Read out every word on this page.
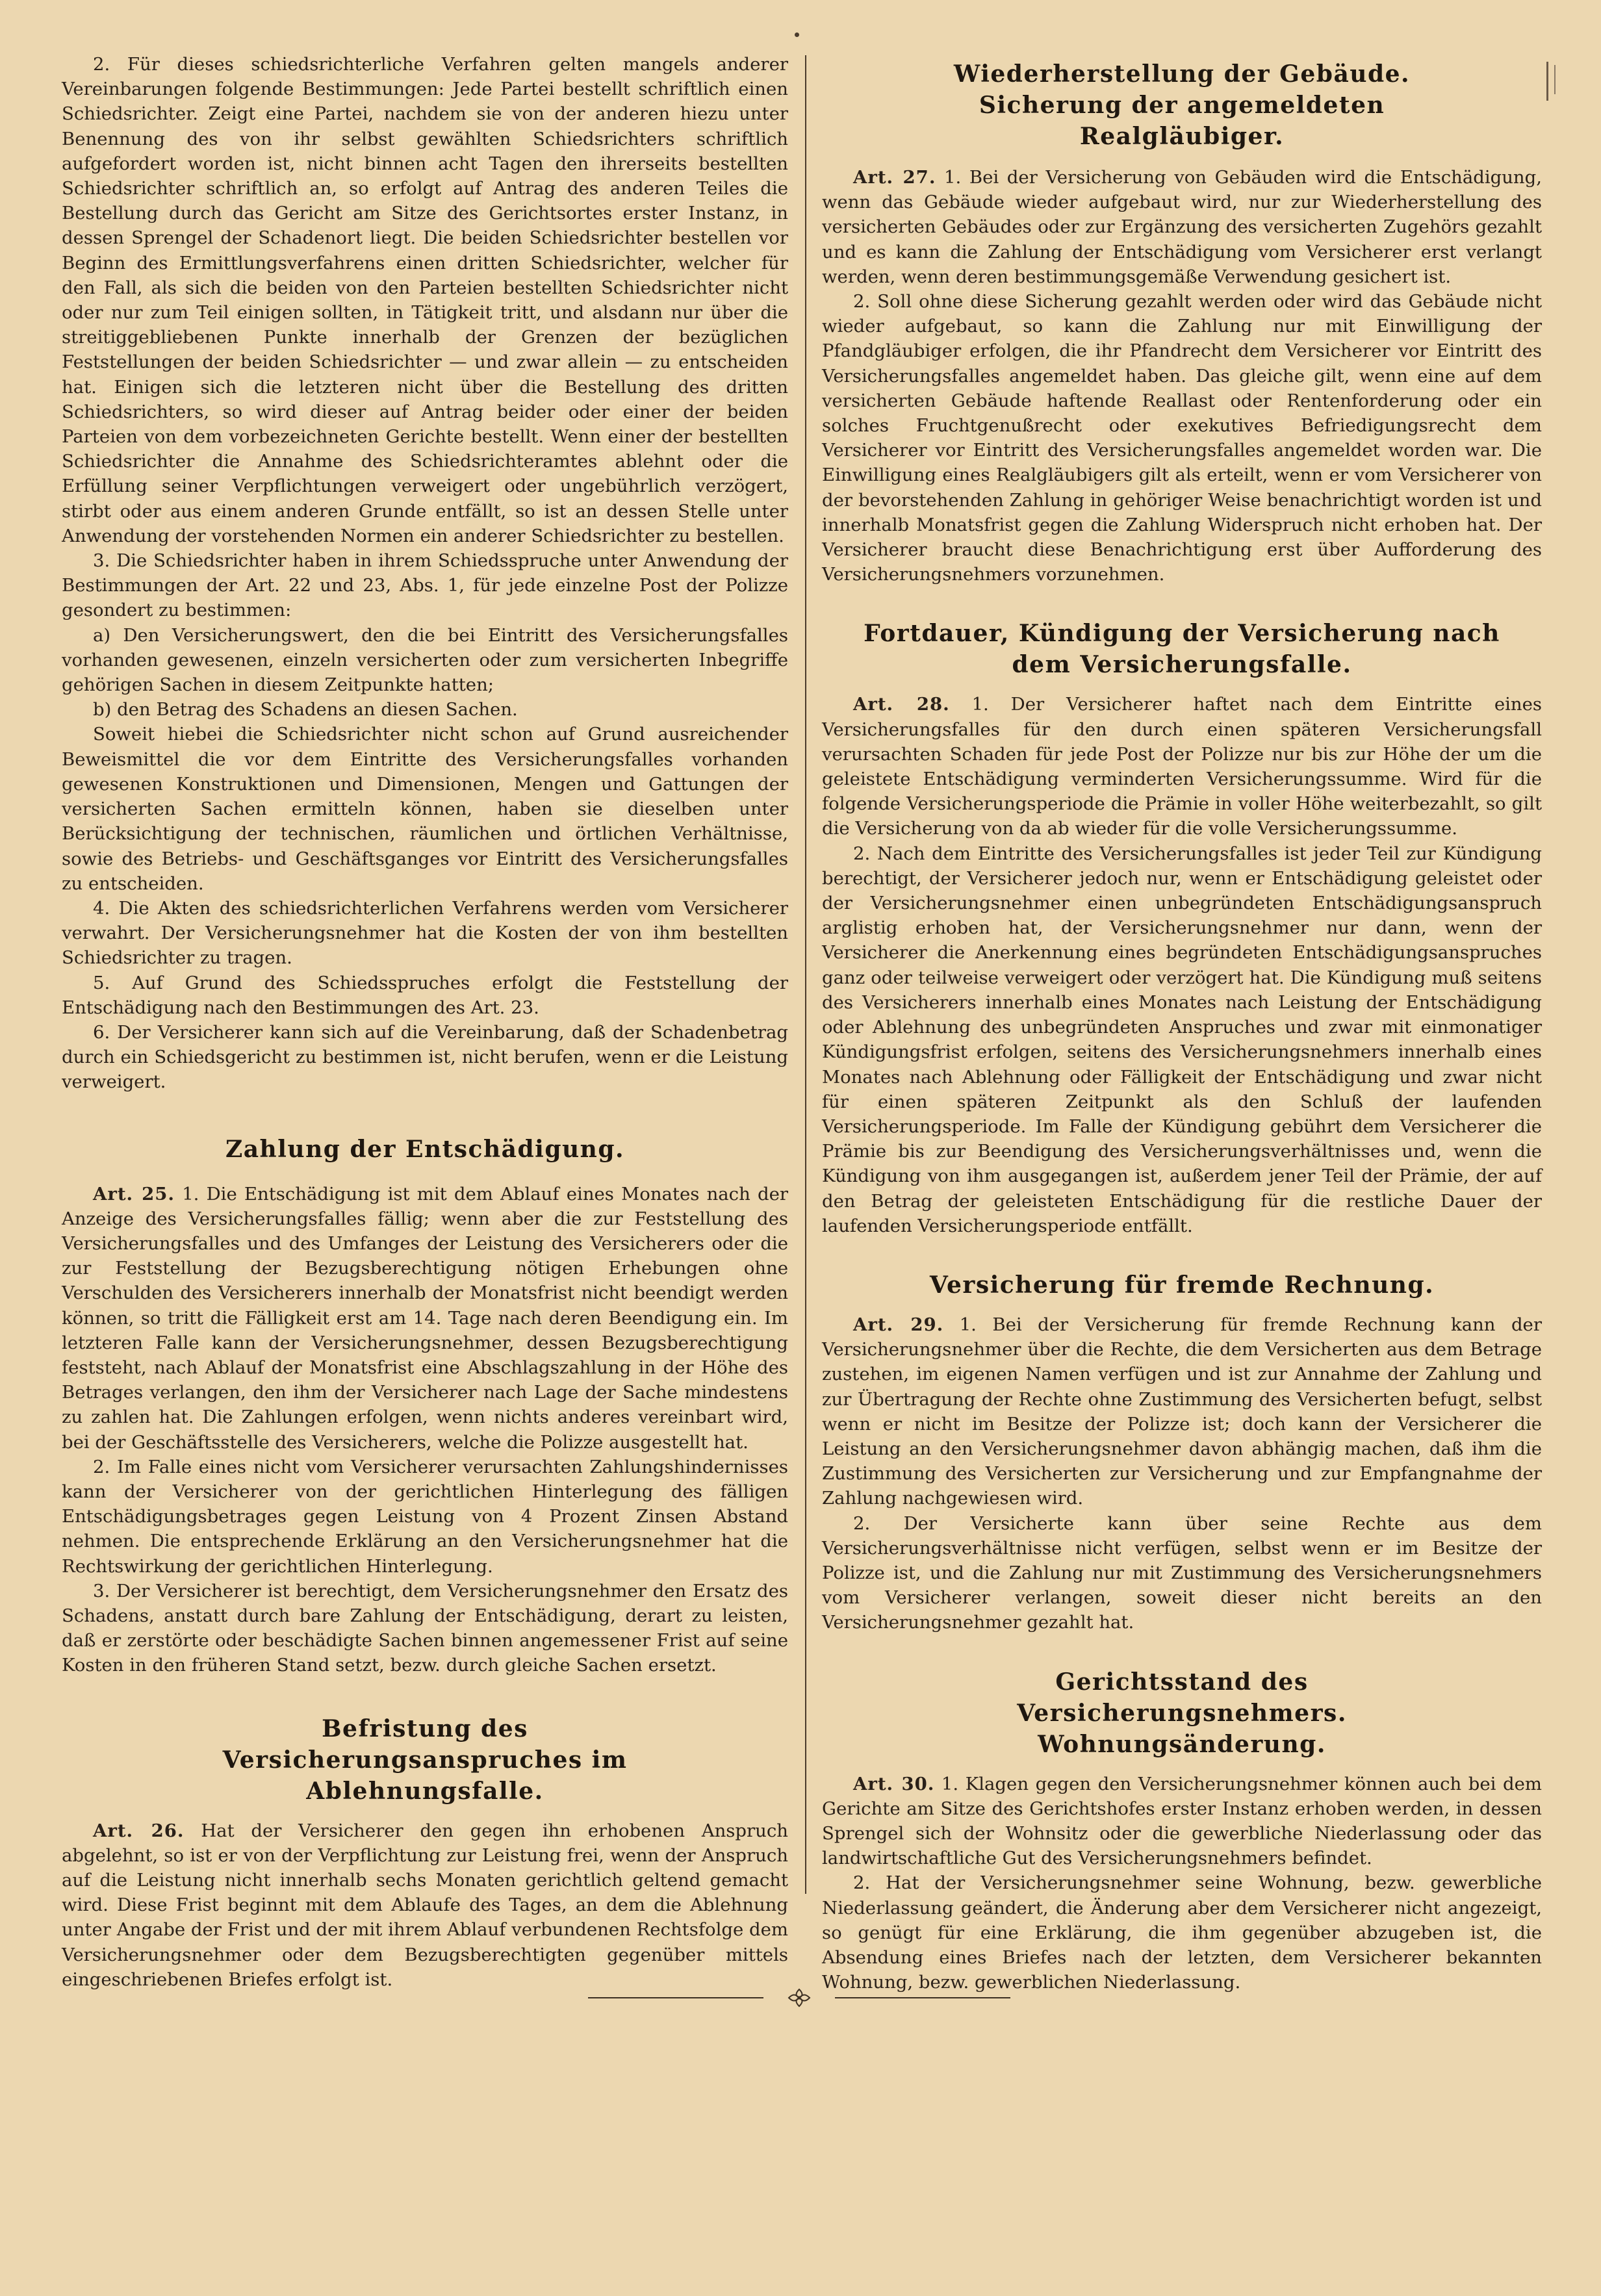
2. Für dieses schiedsrichterliche Verfahren gelten mangels anderer Vereinbarungen folgende Bestimmungen: Jede Partei bestellt schriftlich einen Schiedsrichter. Zeigt eine Partei, nachdem sie von der anderen hiezu unter Benennung des von ihr selbst gewählten Schiedsrichters schriftlich aufgefordert worden ist, nicht binnen acht Tagen den ihrerseits bestellten Schiedsrichter schriftlich an, so erfolgt auf Antrag des anderen Teiles die Bestellung durch das Gericht am Sitze des Gerichtsortes erster Instanz, in dessen Sprengel der Schadenort liegt. Die beiden Schiedsrichter bestellen vor Beginn des Ermittlungsverfahrens einen dritten Schiedsrichter, welcher für den Fall, als sich die beiden von den Parteien bestellten Schiedsrichter nicht oder nur zum Teil einigen sollten, in Tätigkeit tritt, und alsdann nur über die streitiggebliebenen Punkte innerhalb der Grenzen der bezüglichen Feststellungen der beiden Schiedsrichter — und zwar allein — zu entscheiden hat. Einigen sich die letzteren nicht über die Bestellung des dritten Schiedsrichters, so wird dieser auf Antrag beider oder einer der beiden Parteien von dem vorbezeichneten Gerichte bestellt. Wenn einer der bestellten Schiedsrichter die Annahme des Schiedsrichteramtes ablehnt oder die Erfüllung seiner Verpflichtungen verweigert oder ungebührlich verzögert, stirbt oder aus einem anderen Grunde entfällt, so ist an dessen Stelle unter Anwendung der vorstehenden Normen ein anderer Schiedsrichter zu bestellen.

3. Die Schiedsrichter haben in ihrem Schiedsspruche unter Anwendung der Bestimmungen der Art. 22 und 23, Abs. 1, für jede einzelne Post der Polizze gesondert zu bestimmen:

a) Den Versicherungswert, den die bei Eintritt des Versicherungsfalles vorhanden gewesenen, einzeln versicherten oder zum versicherten Inbegriffe gehörigen Sachen in diesem Zeitpunkte hatten;

b) den Betrag des Schadens an diesen Sachen.

Soweit hiebei die Schiedsrichter nicht schon auf Grund ausreichender Beweismittel die vor dem Eintritte des Versicherungsfalles vorhanden gewesenen Konstruktionen und Dimensionen, Mengen und Gattungen der versicherten Sachen ermitteln können, haben sie dieselben unter Berücksichtigung der technischen, räumlichen und örtlichen Verhältnisse, sowie des Betriebs- und Geschäftsganges vor Eintritt des Versicherungsfalles zu entscheiden.

4. Die Akten des schiedsrichterlichen Verfahrens werden vom Versicherer verwahrt. Der Versicherungsnehmer hat die Kosten der von ihm bestellten Schiedsrichter zu tragen.

5. Auf Grund des Schiedsspruches erfolgt die Feststellung der Entschädigung nach den Bestimmungen des Art. 23.

6. Der Versicherer kann sich auf die Vereinbarung, daß der Schadenbetrag durch ein Schiedsgericht zu bestimmen ist, nicht berufen, wenn er die Leistung verweigert.

Zahlung der Entschädigung.

Art. 25. 1. Die Entschädigung ist mit dem Ablauf eines Monates nach der Anzeige des Versicherungsfalles fällig; wenn aber die zur Feststellung des Versicherungsfalles und des Umfanges der Leistung des Versicherers oder die zur Feststellung der Bezugsberechtigung nötigen Erhebungen ohne Verschulden des Versicherers innerhalb der Monatsfrist nicht beendigt werden können, so tritt die Fälligkeit erst am 14. Tage nach deren Beendigung ein. Im letzteren Falle kann der Versicherungsnehmer, dessen Bezugsberechtigung feststeht, nach Ablauf der Monatsfrist eine Abschlagszahlung in der Höhe des Betrages verlangen, den ihm der Versicherer nach Lage der Sache mindestens zu zahlen hat. Die Zahlungen erfolgen, wenn nichts anderes vereinbart wird, bei der Geschäftsstelle des Versicherers, welche die Polizze ausgestellt hat.

2. Im Falle eines nicht vom Versicherer verursachten Zahlungshindernisses kann der Versicherer von der gerichtlichen Hinterlegung des fälligen Entschädigungsbetrages gegen Leistung von 4 Prozent Zinsen Abstand nehmen. Die entsprechende Erklärung an den Versicherungsnehmer hat die Rechtswirkung der gerichtlichen Hinterlegung.

3. Der Versicherer ist berechtigt, dem Versicherungsnehmer den Ersatz des Schadens, anstatt durch bare Zahlung der Entschädigung, derart zu leisten, daß er zerstörte oder beschädigte Sachen binnen angemessener Frist auf seine Kosten in den früheren Stand setzt, bezw. durch gleiche Sachen ersetzt.

Befristung des Versicherungsanspruches im Ablehnungsfalle.

Art. 26. Hat der Versicherer den gegen ihn erhobenen Anspruch abgelehnt, so ist er von der Verpflichtung zur Leistung frei, wenn der Anspruch auf die Leistung nicht innerhalb sechs Monaten gerichtlich geltend gemacht wird. Diese Frist beginnt mit dem Ablaufe des Tages, an dem die Ablehnung unter Angabe der Frist und der mit ihrem Ablauf verbundenen Rechtsfolge dem Versicherungsnehmer oder dem Bezugsberechtigten gegenüber mittels eingeschriebenen Briefes erfolgt ist.

Wiederherstellung der Gebäude. Sicherung der angemeldeten Realgläubiger.

Art. 27. 1. Bei der Versicherung von Gebäuden wird die Entschädigung, wenn das Gebäude wieder aufgebaut wird, nur zur Wiederherstellung des versicherten Gebäudes oder zur Ergänzung des versicherten Zugehörs gezahlt und es kann die Zahlung der Entschädigung vom Versicherer erst verlangt werden, wenn deren bestimmungsgemäße Verwendung gesichert ist.

2. Soll ohne diese Sicherung gezahlt werden oder wird das Gebäude nicht wieder aufgebaut, so kann die Zahlung nur mit Einwilligung der Pfandgläubiger erfolgen, die ihr Pfandrecht dem Versicherer vor Eintritt des Versicherungsfalles angemeldet haben. Das gleiche gilt, wenn eine auf dem versicherten Gebäude haftende Reallast oder Rentenforderung oder ein solches Fruchtgenußrecht oder exekutives Befriedigungsrecht dem Versicherer vor Eintritt des Versicherungsfalles angemeldet worden war. Die Einwilligung eines Realgläubigers gilt als erteilt, wenn er vom Versicherer von der bevorstehenden Zahlung in gehöriger Weise benachrichtigt worden ist und innerhalb Monatsfrist gegen die Zahlung Widerspruch nicht erhoben hat. Der Versicherer braucht diese Benachrichtigung erst über Aufforderung des Versicherungsnehmers vorzunehmen.

Fortdauer, Kündigung der Versicherung nach dem Versicherungsfalle.

Art. 28. 1. Der Versicherer haftet nach dem Eintritte eines Versicherungsfalles für den durch einen späteren Versicherungsfall verursachten Schaden für jede Post der Polizze nur bis zur Höhe der um die geleistete Entschädigung verminderten Versicherungssumme. Wird für die folgende Versicherungsperiode die Prämie in voller Höhe weiterbezahlt, so gilt die Versicherung von da ab wieder für die volle Versicherungssumme.

2. Nach dem Eintritte des Versicherungsfalles ist jeder Teil zur Kündigung berechtigt, der Versicherer jedoch nur, wenn er Entschädigung geleistet oder der Versicherungsnehmer einen unbegründeten Entschädigungsanspruch arglistig erhoben hat, der Versicherungsnehmer nur dann, wenn der Versicherer die Anerkennung eines begründeten Entschädigungsanspruches ganz oder teilweise verweigert oder verzögert hat. Die Kündigung muß seitens des Versicherers innerhalb eines Monates nach Leistung der Entschädigung oder Ablehnung des unbegründeten Anspruches und zwar mit einmonatiger Kündigungsfrist erfolgen, seitens des Versicherungsnehmers innerhalb eines Monates nach Ablehnung oder Fälligkeit der Entschädigung und zwar nicht für einen späteren Zeitpunkt als den Schluß der laufenden Versicherungsperiode. Im Falle der Kündigung gebührt dem Versicherer die Prämie bis zur Beendigung des Versicherungsverhältnisses und, wenn die Kündigung von ihm ausgegangen ist, außerdem jener Teil der Prämie, der auf den Betrag der geleisteten Entschädigung für die restliche Dauer der laufenden Versicherungsperiode entfällt.

Versicherung für fremde Rechnung.

Art. 29. 1. Bei der Versicherung für fremde Rechnung kann der Versicherungsnehmer über die Rechte, die dem Versicherten aus dem Betrage zustehen, im eigenen Namen verfügen und ist zur Annahme der Zahlung und zur Übertragung der Rechte ohne Zustimmung des Versicherten befugt, selbst wenn er nicht im Besitze der Polizze ist; doch kann der Versicherer die Leistung an den Versicherungsnehmer davon abhängig machen, daß ihm die Zustimmung des Versicherten zur Versicherung und zur Empfangnahme der Zahlung nachgewiesen wird.

2. Der Versicherte kann über seine Rechte aus dem Versicherungsverhältnisse nicht verfügen, selbst wenn er im Besitze der Polizze ist, und die Zahlung nur mit Zustimmung des Versicherungsnehmers vom Versicherer verlangen, soweit dieser nicht bereits an den Versicherungsnehmer gezahlt hat.

Gerichtsstand des Versicherungsnehmers. Wohnungsänderung.

Art. 30. 1. Klagen gegen den Versicherungsnehmer können auch bei dem Gerichte am Sitze des Gerichtshofes erster Instanz erhoben werden, in dessen Sprengel sich der Wohnsitz oder die gewerbliche Niederlassung oder das landwirtschaftliche Gut des Versicherungsnehmers befindet.

2. Hat der Versicherungsnehmer seine Wohnung, bezw. gewerbliche Niederlassung geändert, die Änderung aber dem Versicherer nicht angezeigt, so genügt für eine Erklärung, die ihm gegenüber abzugeben ist, die Absendung eines Briefes nach der letzten, dem Versicherer bekannten Wohnung, bezw. gewerblichen Niederlassung.
